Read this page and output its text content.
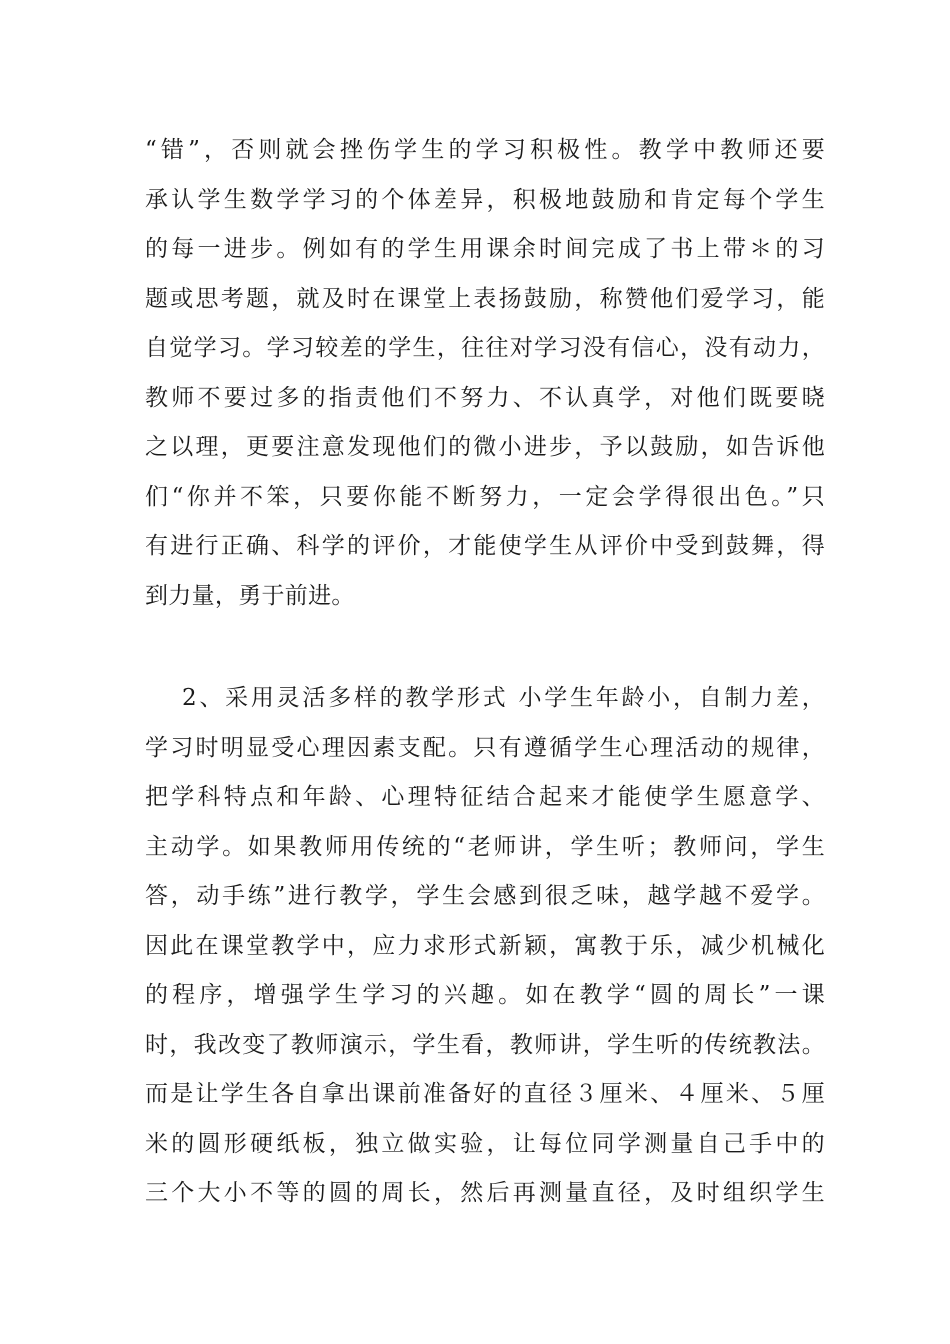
“错”，否则就会挫伤学生的学习积极性。教学中教师还要
承认学生数学学习的个体差异，积极地鼓励和肯定每个学生
的每一进步。例如有的学生用课余时间完成了书上带＊的习
题或思考题，就及时在课堂上表扬鼓励，称赞他们爱学习，能
自觉学习。学习较差的学生，往往对学习没有信心，没有动力，
教师不要过多的指责他们不努力、不认真学，对他们既要晓
之以理，更要注意发现他们的微小进步，予以鼓励，如告诉他
们“你并不笨，只要你能不断努力，一定会学得很出色。”只
有进行正确、科学的评价，才能使学生从评价中受到鼓舞，得
到力量，勇于前进。
2、采用灵活多样的教学形式 小学生年龄小，自制力差，
学习时明显受心理因素支配。只有遵循学生心理活动的规律，
把学科特点和年龄、心理特征结合起来才能使学生愿意学、
主动学。如果教师用传统的“老师讲，学生听；教师问，学生
答，动手练”进行教学，学生会感到很乏味，越学越不爱学。
因此在课堂教学中，应力求形式新颖，寓教于乐，减少机械化
的程序，增强学生学习的兴趣。如在教学“圆的周长”一课
时，我改变了教师演示，学生看，教师讲，学生听的传统教法。
而是让学生各自拿出课前准备好的直径３厘米、４厘米、５厘
米的圆形硬纸板，独立做实验，让每位同学测量自己手中的
三个大小不等的圆的周长，然后再测量直径，及时组织学生
